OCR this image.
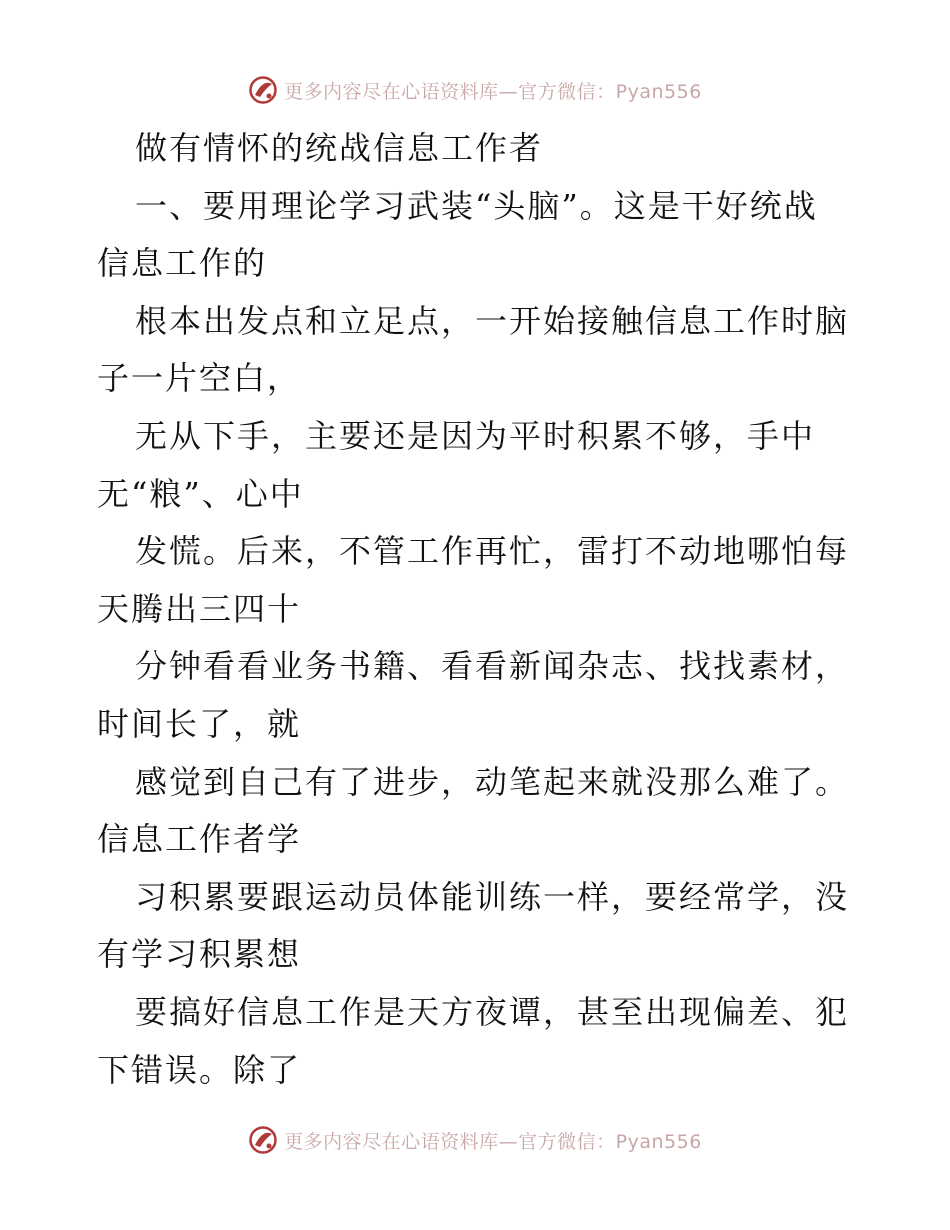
更多内容尽在心语资料库—官方微信：Pyan556
做有情怀的统战信息工作者
一、要用理论学习武装“头脑”。这是干好统战
信息工作的
根本出发点和立足点，一开始接触信息工作时脑
子一片空白，
无从下手，主要还是因为平时积累不够，手中
无“粮”、心中
发慌。后来，不管工作再忙，雷打不动地哪怕每
天腾出三四十
分钟看看业务书籍、看看新闻杂志、找找素材，
时间长了，就
感觉到自己有了进步，动笔起来就没那么难了。
信息工作者学
习积累要跟运动员体能训练一样，要经常学，没
有学习积累想
要搞好信息工作是天方夜谭，甚至出现偏差、犯
下错误。除了
更多内容尽在心语资料库—官方微信：Pyan556
